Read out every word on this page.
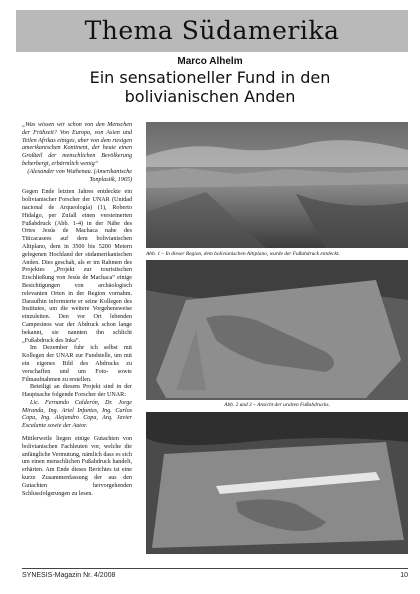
Thema Südamerika
Marco Alhelm
Ein sensationeller Fund in den
bolivianischen Anden

„Was wissen wir schon von den Menschen der Frühzeit? Von Europa, von Asien und Teilen Afrikas einiges, aber von dem riesigen amerikanischen Kontinent, der heute einen Großteil der menschlichen Bevölkerung beherbergt, erbärmlich wenig“

(Alexander von Wuthenau. (Amerikanische Tonplastik, 1965)

Gegen Ende letzten Jahres entdeckte ein bolivianischer Forscher der UNAR (Unidad nacional de Arqueología) (1), Roberto Hidalgo, per Zufall einen versteinerten Fußabdruck (Abb. 1-4) in der Nähe des Ortes Jesús de Machaca nahe des Titicacasees auf dem bolivianischen Altiplano, dem in 3500 bis 5200 Metern gelegenen Hochland der südamerikanischen Anden. Dies geschah, als er im Rahmen des Projektes „Projekt zur touristischen Erschließung von Jesús de Machaca“ einige Besichtigungen von archäologisch relevanten Orten in der Region vornahm. Daraufhin informierte er seine Kollegen des Institutes, um die weitere Vorgehensweise einzuleiten. Den vor Ort lebenden Campesinos war der Abdruck schon lange bekannt, sie nannten ihn schlicht „Fußabdruck des Inka“.

Im Dezember fuhr ich selbst mit Kollegen der UNAR zur Fundstelle, um mit ein eigenes Bild des Abdrucks zu verschaffen und um Foto- sowie Filmaufnahmen zu erstellen.

Beteiligt an diesem Projekt sind in der Hauptsache folgende Forscher der UNAR:

Lic. Fernando Calderón, Dr. Jorge Miranda, Ing. Ariel Infantes, Ing. Carlos Copa, Ing. Alejandro Copa, Arq. Javier Escalante sowie der Autor.

Mittlerweile liegen einige Gutachten von bolivianischen Fachleuten vor, welche die anfängliche Vermutung, nämlich dass es sich um einen menschlichen Fußabdruck handelt, erhärten. Am Ende dieses Berichtes ist eine kurze Zusammenfassung der aus den Gutachten hervorgehenden Schlussfolgerungen zu lesen.

Abb. 1 – In dieser Region, dem bolivianischen Altiplano, wurde der Fußabdruck entdeckt.
Abb. 2 und 3 – Ansicht der uralten Fußabdrucks.
SYNESIS-Magazin Nr. 4/2008	10
